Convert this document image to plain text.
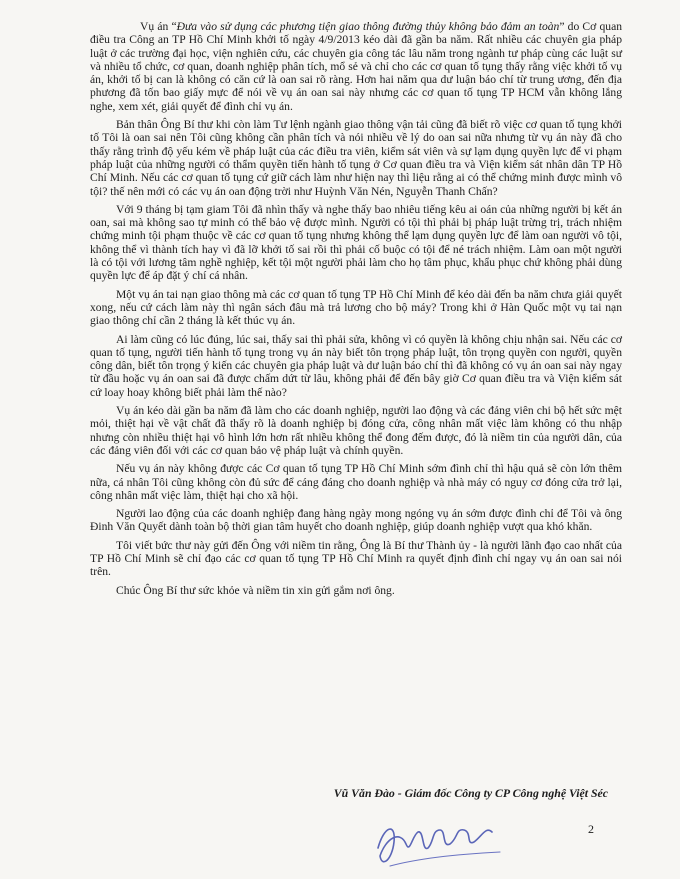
Vụ án “Đưa vào sử dụng các phương tiện giao thông đường thủy không bảo đảm an toàn” do Cơ quan điều tra Công an TP Hồ Chí Minh khởi tố ngày 4/9/2013 kéo dài đã gần ba năm. Rất nhiều các chuyên gia pháp luật ở các trường đại học, viện nghiên cứu, các chuyên gia công tác lâu năm trong ngành tư pháp cùng các luật sư và nhiều tổ chức, cơ quan, doanh nghiệp phân tích, mổ sẻ và chỉ cho các cơ quan tố tụng thấy rằng việc khởi tố vụ án, khởi tố bị can là không có căn cứ là oan sai rõ ràng. Hơn hai năm qua dư luận báo chí từ trung ương, đến địa phương đã tốn bao giấy mực để nói về vụ án oan sai này nhưng các cơ quan tố tụng TP HCM vẫn không lắng nghe, xem xét, giải quyết để đình chỉ vụ án.

Bản thân Ông Bí thư khi còn làm Tư lệnh ngành giao thông vận tải cũng đã biết rõ việc cơ quan tố tụng khởi tố Tôi là oan sai nên Tôi cũng không cần phân tích và nói nhiều về lý do oan sai nữa nhưng từ vụ án này đã cho thấy rằng trình độ yếu kém về pháp luật của các điều tra viên, kiểm sát viên và sự lạm dụng quyền lực để vi phạm pháp luật của những người có thẩm quyền tiến hành tố tụng ở Cơ quan điều tra và Viện kiểm sát nhân dân TP Hồ Chí Minh. Nếu các cơ quan tố tụng cứ giữ cách làm như hiện nay thì liệu rằng ai có thể chứng minh được mình vô tội? thế nên mới có các vụ án oan động trời như Huỳnh Văn Nén, Nguyễn Thanh Chấn?

Với 9 tháng bị tạm giam Tôi đã nhìn thấy và nghe thấy bao nhiêu tiếng kêu ai oán của những người bị kết án oan, sai mà không sao tự minh có thể bảo vệ được mình. Người có tội thì phải bị pháp luật trừng trị, trách nhiệm chứng minh tội phạm thuộc về các cơ quan tố tụng nhưng không thể lạm dụng quyền lực để làm oan người vô tội, không thể vì thành tích hay vì đã lỡ khởi tố sai rồi thì phải cố buộc có tội để né trách nhiệm. Làm oan một người là có tội với lương tâm nghề nghiệp, kết tội một người phải làm cho họ tâm phục, khẩu phục chứ không phải dùng quyền lực để áp đặt ý chí cá nhân.

Một vụ án tai nạn giao thông mà các cơ quan tố tụng TP Hồ Chí Minh để kéo dài đến ba năm chưa giải quyết xong, nếu cứ cách làm này thì ngân sách đâu mà trả lương cho bộ máy? Trong khi ở Hàn Quốc một vụ tai nạn giao thông chỉ cần 2 tháng là kết thúc vụ án.

Ai làm cũng có lúc đúng, lúc sai, thấy sai thì phải sửa, không vì có quyền là không chịu nhận sai. Nếu các cơ quan tố tụng, người tiến hành tố tụng trong vụ án này biết tôn trọng pháp luật, tôn trọng quyền con người, quyền công dân, biết tôn trọng ý kiến các chuyên gia pháp luật và dư luận báo chí thì đã không có vụ án oan sai này ngay từ đầu hoặc vụ án oan sai đã được chấm dứt từ lâu, không phải để đến bây giờ Cơ quan điều tra và Viện kiểm sát cứ loay hoay không biết phải làm thế nào?

Vụ án kéo dài gần ba năm đã làm cho các doanh nghiệp, người lao động và các đảng viên chi bộ hết sức mệt mỏi, thiệt hại về vật chất đã thấy rõ là doanh nghiệp bị đóng cửa, công nhân mất việc làm không có thu nhập nhưng còn nhiều thiệt hại vô hình lớn hơn rất nhiều không thể đong đếm được, đó là niềm tin của người dân, của các đảng viên đối với các cơ quan bảo vệ pháp luật và chính quyền.

Nếu vụ án này không được các Cơ quan tố tụng TP Hồ Chí Minh sớm đình chỉ thì hậu quả sẽ còn lớn thêm nữa, cá nhân Tôi cũng không còn đủ sức để cáng đáng cho doanh nghiệp và nhà máy có nguy cơ đóng cửa trở lại, công nhân mất việc làm, thiệt hại cho xã hội.

Người lao động của các doanh nghiệp đang hàng ngày mong ngóng vụ án sớm được đình chỉ để Tôi và ông Đinh Văn Quyết dành toàn bộ thời gian tâm huyết cho doanh nghiệp, giúp doanh nghiệp vượt qua khó khăn.

Tôi viết bức thư này gửi đến Ông với niềm tin rằng, Ông là Bí thư Thành ủy - là người lãnh đạo cao nhất của TP Hồ Chí Minh sẽ chỉ đạo các cơ quan tố tụng TP Hồ Chí Minh ra quyết định đình chỉ ngay vụ án oan sai nói trên.

Chúc Ông Bí thư sức khỏe và niềm tin xin gửi gắm nơi ông.

Vũ Văn Đào - Giám đốc Công ty CP Công nghệ Việt Séc
2
